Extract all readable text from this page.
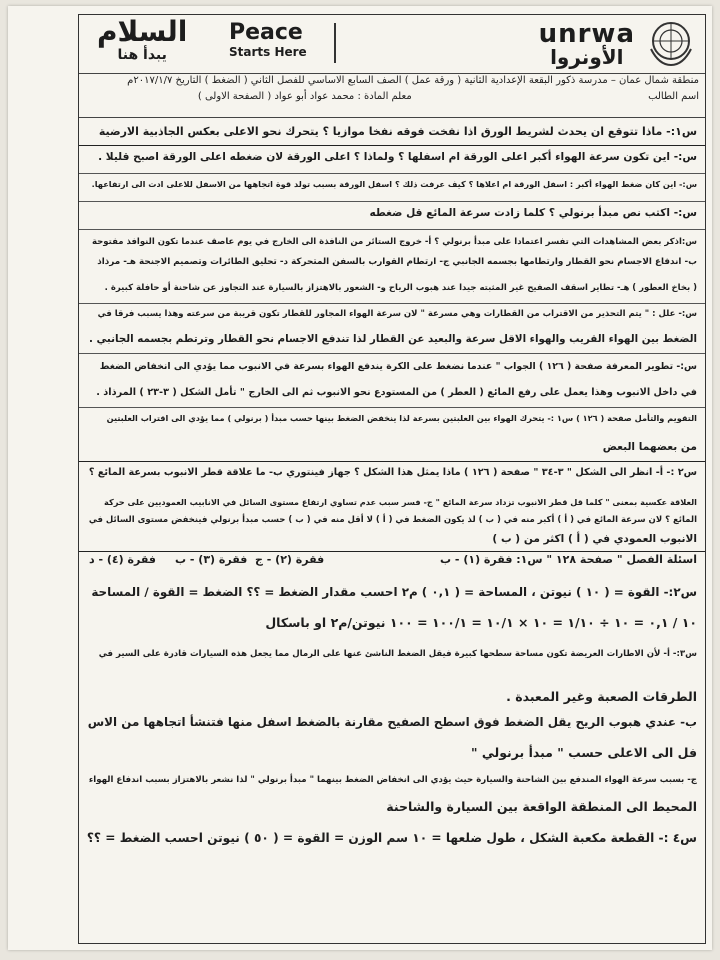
unrwa
الأونروا
Peace
Starts Here
السلام
يبدأ هنا
منطقة شمال عمان – مدرسة ذكور البقعة الإعدادية الثانية ( ورقة عمل ) الصف السابع الاساسي للفصل الثاني ( الضغط ) التاريخ ٢٠١٧/١/٧م
اسم الطالب  معلم المادة : محمد عواد أبو عواد ( الصفحة الاولى )
س١:- ماذا تتوقع ان يحدث لشريط الورق اذا نفخت فوقه نفخا موازيا ؟ يتحرك نحو الاعلى بعكس الجاذبية الارضية
س:- اين تكون سرعة الهواء أكبر اعلى الورقة ام اسفلها ؟ ولماذا ؟ اعلى الورقة لان ضغطه اعلى الورقة اصبح قليلا .
س:- اين كان ضغط الهواء أكبر : اسفل الورقة ام اعلاها ؟ كيف عرفت ذلك ؟ اسفل الورقة بسبب تولد قوة اتجاهها من الاسفل للاعلى ادت الى ارتفاعها.
س:- اكتب نص مبدأ برنولي ؟ كلما زادت سرعة المائع قل ضغطه
س:اذكر بعض المشاهدات التي تفسر اعتمادا على مبدأ برنولي ؟ أ- خروج الستائر من النافذة الى الخارج في يوم عاصف عندما تكون النوافذ مفتوحة
ب- اندفاع الاجسام نحو القطار وارتطامها بجسمه الجانبي ج- ارتطام القوارب بالسفن المتحركة د- تحليق الطائرات وتصميم الاجنحة هـ- مرذاذ
( بخاخ العطور ) هـ- تطاير اسقف الصفيح غير المثبته جيدا عند هبوب الرياح و- الشعور بالاهتزاز بالسيارة عند التجاوز عن شاحنة أو حافلة كبيرة .
س:- علل : " يتم التحذير من الاقتراب من القطارات وهي مسرعة " لان سرعة الهواء المجاور للقطار تكون قريبة من سرعته وهذا يسبب فرقا في
الضغط بين الهواء القريب والهواء الاقل سرعة والبعيد عن القطار لذا تندفع الاجسام نحو القطار وترتطم بجسمه الجانبي .
س:- تطوير المعرفة صفحة ( ١٢٦ ) الجواب " عندما نضغط على الكرة يندفع الهواء بسرعة في الانبوب مما يؤدي الى انخفاض الضغط
في داخل الانبوب وهذا يعمل على رفع المائع ( العطر ) من المستودع نحو الانبوب ثم الى الخارج " تأمل الشكل ( ٣-٢٣ ) المرذاذ .
التقويم والتأمل صفحة ( ١٢٦ ) س١ :- يتحرك الهواء بين العلبتين بسرعة لذا ينخفض الضغط بينها حسب مبدأ ( برنولي ) مما يؤدي الى اقتراب العلبتين
من بعضهما البعض
س٢ :- أ- انظر الى الشكل " ٣-٣٤ " صفحة ( ١٢٦ ) ماذا يمثل هذا الشكل ؟ جهاز فينتوري ب- ما علاقة قطر الانبوب بسرعة المائع ؟
العلاقة عكسية بمعنى " كلما قل قطر الانبوب تزداد سرعة المائع " ج- فسر سبب عدم تساوي ارتفاع مستوى السائل في الانابيب العموديين على حركة
المائع ؟ لان سرعة المائع في ( أ ) أكبر منه في ( ب ) لذ يكون الضغط في ( أ ) لا أقل منه في ( ب ) حسب مبدأ برنولي فينخفض مستوى السائل في
الانبوب العمودي في ( أ ) اكثر من ( ب )
اسئلة الفصل " صفحة ١٢٨ " س١: فقرة (١) - ب
فقرة (٢) - ج
فقرة (٣) - ب
فقرة (٤) - د
س٢:- القوة = ( ١٠ ) نيوتن ، المساحة = ( ٠,١ ) م٢ احسب مقدار الضغط = ؟؟ الضغط = القوة / المساحة
١٠ / ٠,١ = ١٠ ÷ ١/١٠ = ١٠ × ١٠/١ = ١٠٠/١ = ١٠٠ نيوتن/م٢ او باسكال
س٣:- أ- لأن الاطارات العريضة تكون مساحة سطحها كبيرة فيقل الضغط الناشئ عنها على الرمال مما يجعل هذه السيارات قادرة على السير في
الطرقات الصعبة وغير المعبدة .
ب- عندي هبوب الريح يقل الضغط فوق اسطح الصفيح مقارنة بالضغط اسفل منها فتنشأ اتجاهها من الاس
فل الى الاعلى حسب " مبدأ برنولي "
ج- بسبب سرعة الهواء المندفع بين الشاحنة والسيارة حيث يؤدي الى انخفاض الضغط بينهما " مبدأ برنولي " لذا نشعر بالاهتزاز بسبب اندفاع الهواء
المحيط الى المنطقة الواقعة بين السيارة والشاحنة
س٤ :- القطعة مكعبة الشكل ، طول ضلعها = ١٠ سم الوزن = القوة = ( ٥٠ ) نيوتن احسب الضغط = ؟؟
